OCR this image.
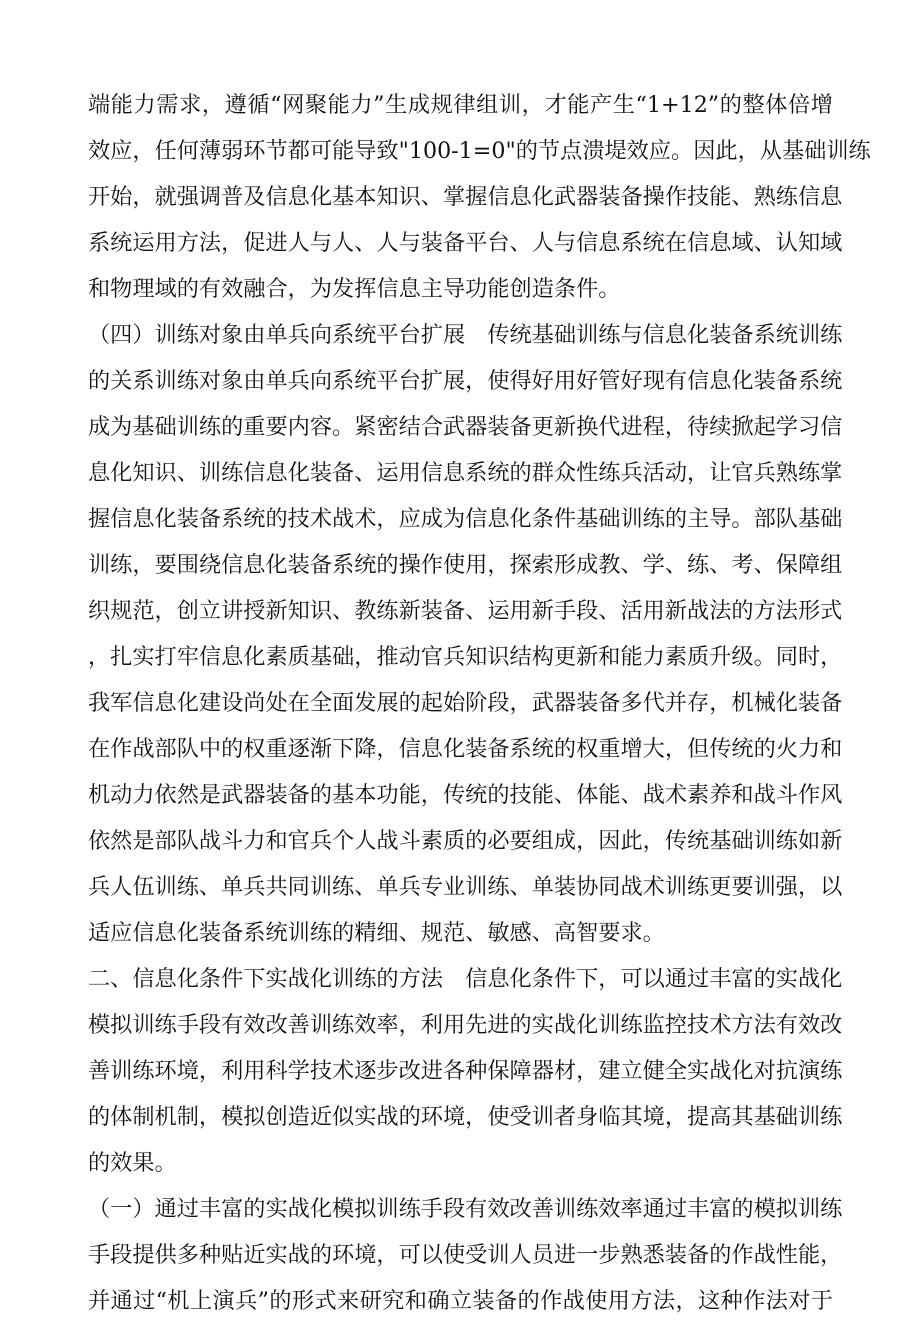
端能力需求，遵循“网聚能力”生成规律组训，才能产生“1+12”的整体倍增
效应，任何薄弱环节都可能导致"100-1=0"的节点溃堤效应。因此，从基础训练
开始，就强调普及信息化基本知识、掌握信息化武器装备操作技能、熟练信息
系统运用方法，促进人与人、人与装备平台、人与信息系统在信息域、认知域
和物理域的有效融合，为发挥信息主导功能创造条件。
（四）训练对象由单兵向系统平台扩展　传统基础训练与信息化装备系统训练
的关系训练对象由单兵向系统平台扩展，使得好用好管好现有信息化装备系统
成为基础训练的重要内容。紧密结合武器装备更新换代进程，待续掀起学习信
息化知识、训练信息化装备、运用信息系统的群众性练兵活动，让官兵熟练掌
握信息化装备系统的技术战术，应成为信息化条件基础训练的主导。部队基础
训练，要围绕信息化装备系统的操作使用，探索形成教、学、练、考、保障组
织规范，创立讲授新知识、教练新装备、运用新手段、活用新战法的方法形式
，扎实打牢信息化素质基础，推动官兵知识结构更新和能力素质升级。同时，
我军信息化建设尚处在全面发展的起始阶段，武器装备多代并存，机械化装备
在作战部队中的权重逐渐下降，信息化装备系统的权重增大，但传统的火力和
机动力依然是武器装备的基本功能，传统的技能、体能、战术素养和战斗作风
依然是部队战斗力和官兵个人战斗素质的必要组成，因此，传统基础训练如新
兵人伍训练、单兵共同训练、单兵专业训练、单装协同战术训练更要训强，以
适应信息化装备系统训练的精细、规范、敏感、高智要求。
二、信息化条件下实战化训练的方法　信息化条件下，可以通过丰富的实战化
模拟训练手段有效改善训练效率，利用先进的实战化训练监控技术方法有效改
善训练环境，利用科学技术逐步改进各种保障器材，建立健全实战化对抗演练
的体制机制，模拟创造近似实战的环境，使受训者身临其境，提高其基础训练
的效果。
（一）通过丰富的实战化模拟训练手段有效改善训练效率通过丰富的模拟训练
手段提供多种贴近实战的环境，可以使受训人员进一步熟悉装备的作战性能，
并通过“机上演兵”的形式来研究和确立装备的作战使用方法，这种作法对于
